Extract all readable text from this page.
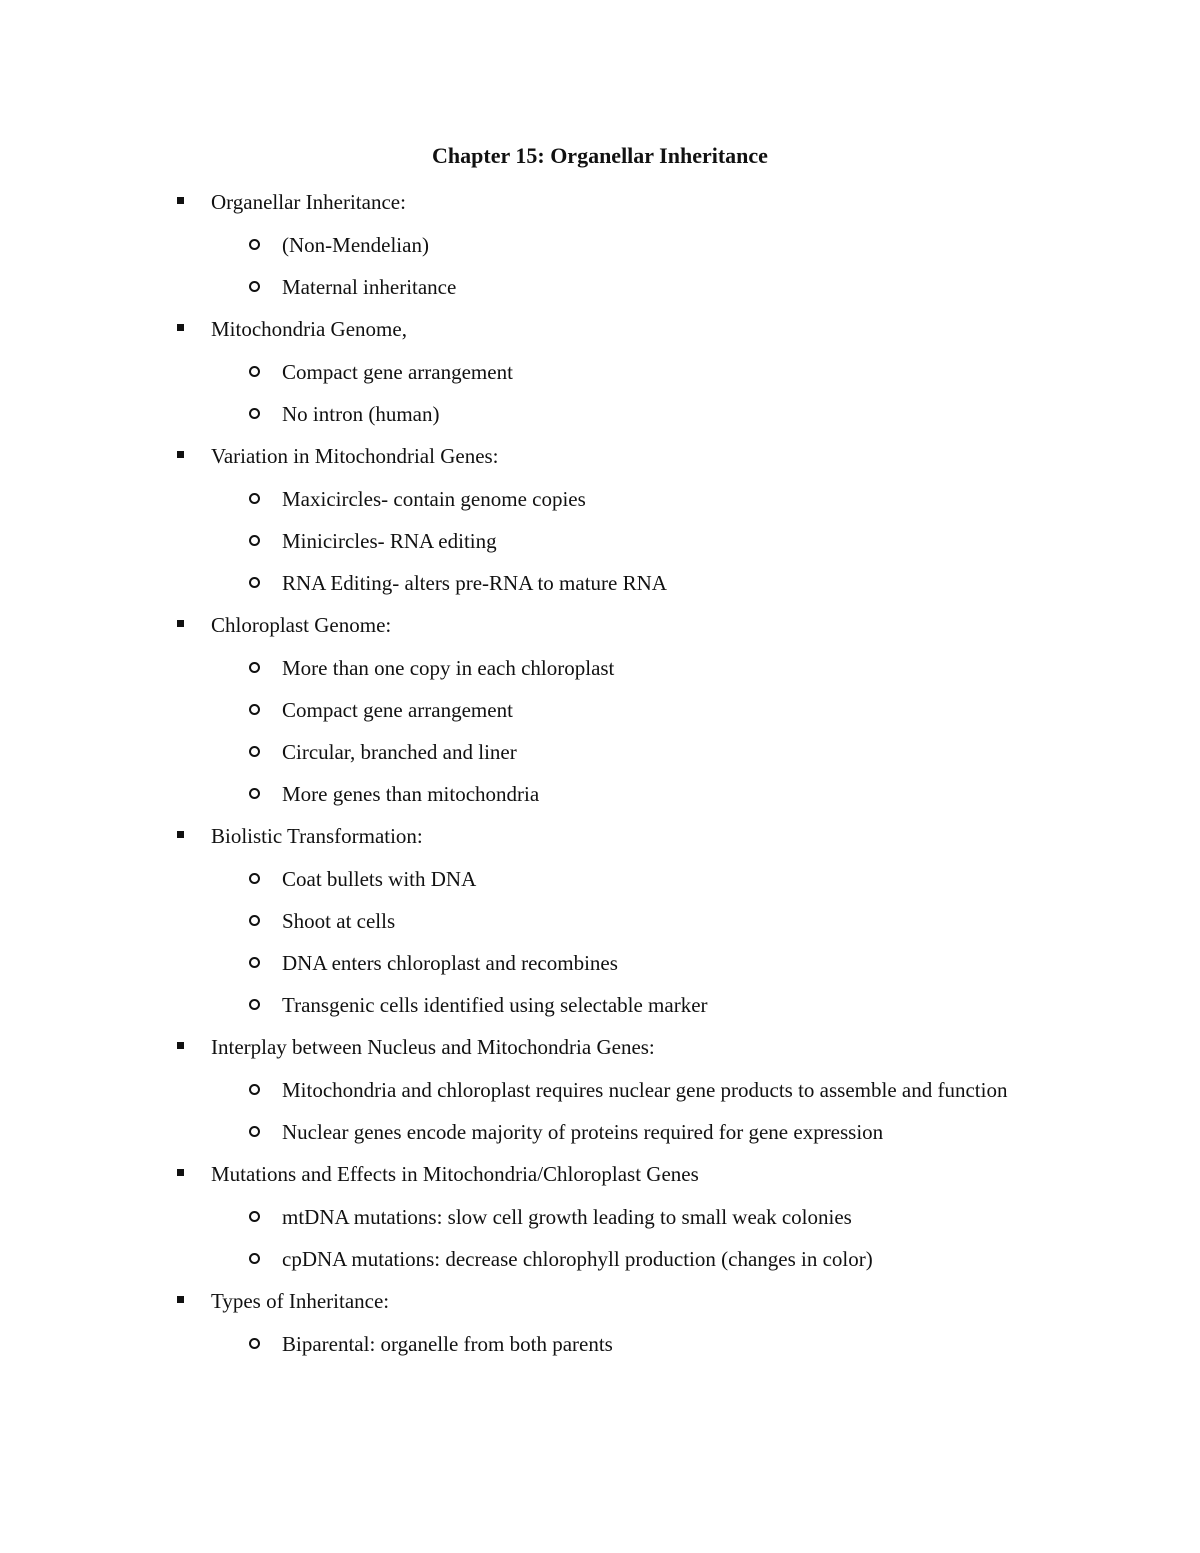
Chapter 15: Organellar Inheritance
Organellar Inheritance:
(Non-Mendelian)
Maternal inheritance
Mitochondria Genome,
Compact gene arrangement
No intron (human)
Variation in Mitochondrial Genes:
Maxicircles- contain genome copies
Minicircles- RNA editing
RNA Editing- alters pre-RNA to mature RNA
Chloroplast Genome:
More than one copy in each chloroplast
Compact gene arrangement
Circular, branched and liner
More genes than mitochondria
Biolistic Transformation:
Coat bullets with DNA
Shoot at cells
DNA enters chloroplast and recombines
Transgenic cells identified using selectable marker
Interplay between Nucleus and Mitochondria Genes:
Mitochondria and chloroplast requires nuclear gene products to assemble and function
Nuclear genes encode majority of proteins required for gene expression
Mutations and Effects in Mitochondria/Chloroplast Genes
mtDNA mutations: slow cell growth leading to small weak colonies
cpDNA mutations: decrease chlorophyll production (changes in color)
Types of Inheritance:
Biparental: organelle from both parents
